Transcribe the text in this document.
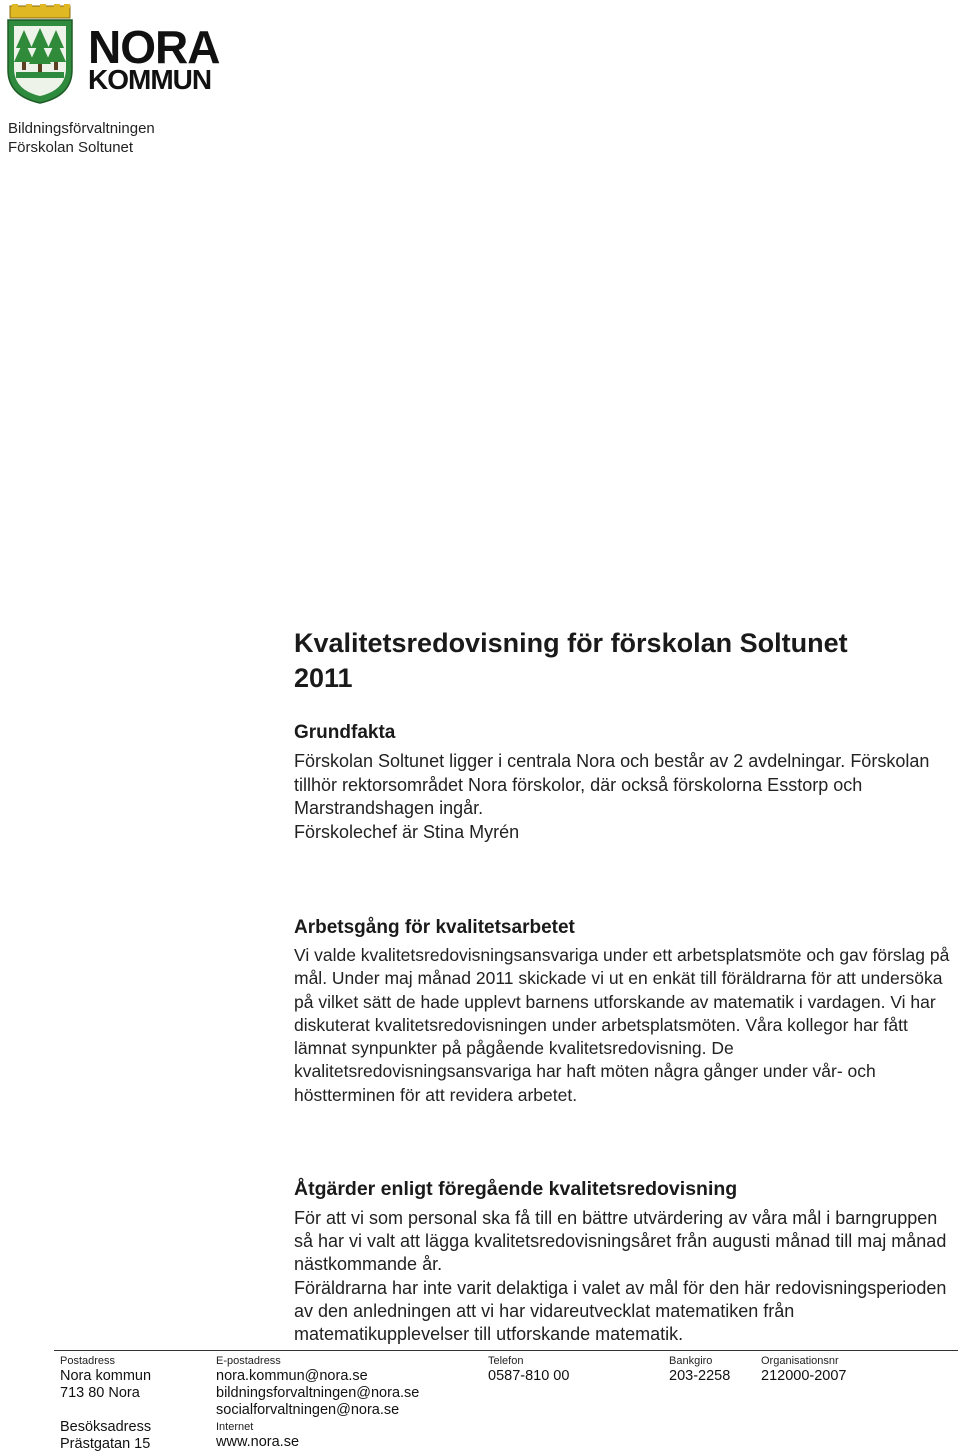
NORA
KOMMUN
Bildningsförvaltningen
Förskolan Soltunet
Kvalitetsredovisning för förskolan Soltunet
2011
Grundfakta

Förskolan Soltunet ligger i centrala Nora och består av 2 avdelningar. Förskolan tillhör rektorsområdet Nora förskolor, där också förskolorna Esstorp och Marstrandshagen ingår.

Förskolechef är Stina Myrén

Arbetsgång för kvalitetsarbetet

Vi valde kvalitetsredovisningsansvariga under ett arbetsplatsmöte och gav förslag på mål. Under maj månad 2011 skickade vi ut en enkät till föräldrarna för att undersöka på vilket sätt de hade upplevt barnens utforskande av matematik i vardagen. Vi har diskuterat kvalitetsredovisningen under arbetsplatsmöten. Våra kollegor har fått lämnat synpunkter på pågående kvalitetsredovisning. De kvalitetsredovisningsansvariga har haft möten några gånger under vår- och höstterminen för att revidera arbetet.

Åtgärder enligt föregående kvalitetsredovisning

För att vi som personal ska få till en bättre utvärdering av våra mål i barngruppen så har vi valt att lägga kvalitetsredovisningsåret från augusti månad till maj månad nästkommande år.

Föräldrarna har inte varit delaktiga i valet av mål för den här redovisningsperioden av den anledningen att vi har vidareutvecklat matematiken från matematikupplevelser till utforskande matematik.

Postadress
Nora kommun
713 80 Nora
Besöksadress
Prästgatan 15
E-postadress
nora.kommun@nora.se
bildningsforvaltningen@nora.se
socialforvaltningen@nora.se
Internet
www.nora.se
Telefon
0587-810 00
Bankgiro
203-2258
Organisationsnr
212000-2007
